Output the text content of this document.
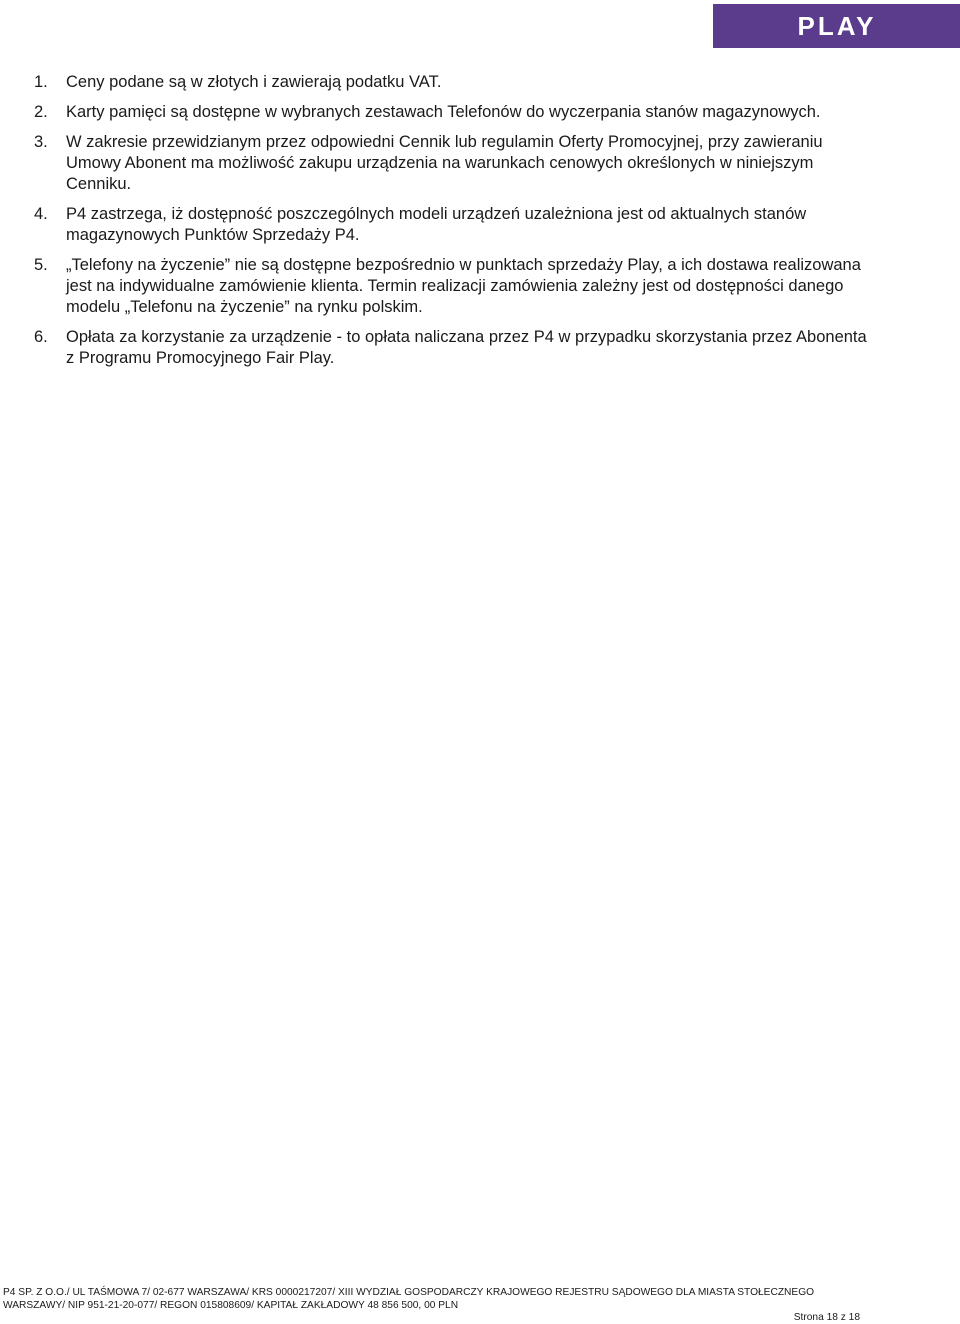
PLAY
1. Ceny podane są w złotych i zawierają podatku VAT.
2. Karty pamięci są dostępne w wybranych zestawach Telefonów do wyczerpania stanów magazynowych.
3. W zakresie przewidzianym przez odpowiedni Cennik lub regulamin Oferty Promocyjnej, przy zawieraniu Umowy Abonent ma możliwość zakupu urządzenia na warunkach cenowych określonych w niniejszym Cenniku.
4. P4 zastrzega, iż dostępność poszczególnych modeli urządzeń uzależniona jest od aktualnych stanów magazynowych Punktów Sprzedaży P4.
5. „Telefony na życzenie” nie są dostępne bezpośrednio w punktach sprzedaży Play, a ich dostawa realizowana jest na indywidualne zamówienie klienta. Termin realizacji zamówienia zależny jest od dostępności danego modelu „Telefonu na życzenie” na rynku polskim.
6. Opłata za korzystanie za urządzenie - to opłata naliczana przez P4 w przypadku skorzystania przez Abonenta z Programu Promocyjnego Fair Play.
P4 SP. Z O.O./ UL TAŚMOWA 7/ 02-677 WARSZAWA/ KRS 0000217207/ XIII WYDZIAŁ GOSPODARCZY KRAJOWEGO REJESTRU SĄDOWEGO DLA MIASTA STOŁECZNEGO
WARSZAWY/ NIP 951-21-20-077/ REGON 015808609/ KAPITAŁ ZAKŁADOWY 48 856 500, 00 PLN
Strona 18 z 18
